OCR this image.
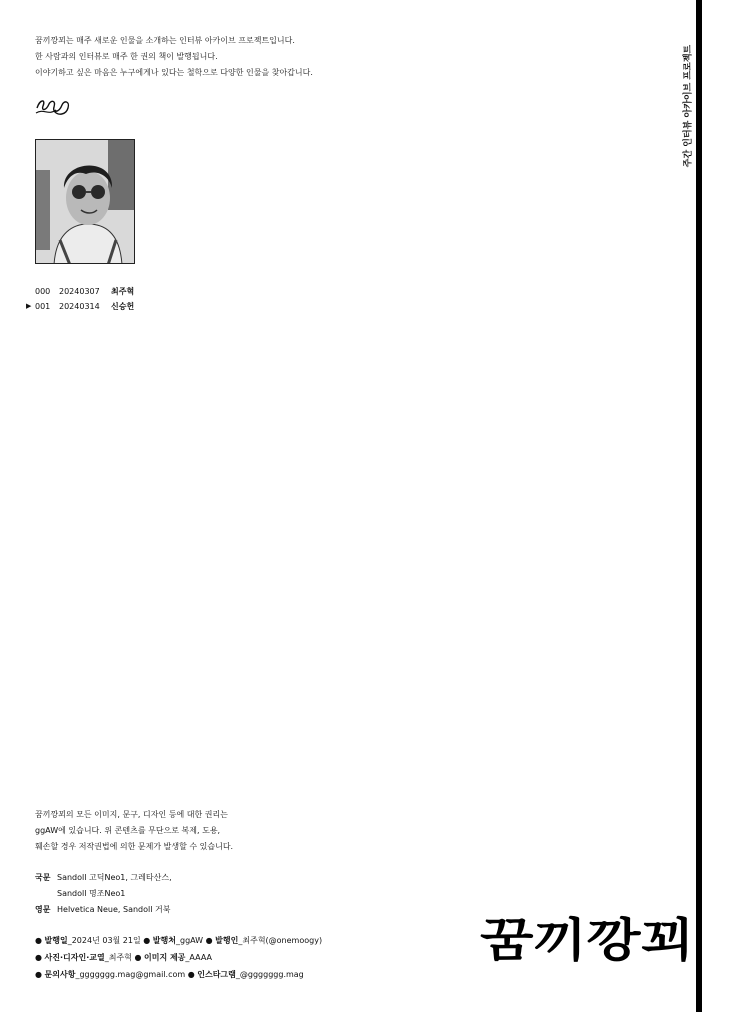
꿈끼깡꾀는 매주 새로운 인물을 소개하는 인터뷰 아카이브 프로젝트입니다.
한 사람과의 인터뷰로 매주 한 권의 책이 발행됩니다.
이야기하고 싶은 마음은 누구에게나 있다는 철학으로 다양한 인물을 찾아갑니다.
000	20240307	최주혁
▶ 001	20240314	신승헌
주간 인터뷰 아카이브 프로젝트
꿈끼깡꾀의 모든 이미지, 문구, 디자인 등에 대한 권리는
ggAW에 있습니다. 위 콘텐츠를 무단으로 복제, 도용,
훼손할 경우 저작권법에 의한 문제가 발생할 수 있습니다.
국문 Sandoll 고딕Neo1, 그레타산스,
Sandoll 명조Neo1
영문 Helvetica Neue, Sandoll 거북
● 발행일_2024년 03월 21일 ● 발행처_ggAW ● 발행인_최주혁(@onemoogy)
● 사진·디자인·교열_최주혁 ● 이미지 제공_AAAA
● 문의사항_ggggggg.mag@gmail.com ● 인스타그램_@ggggggg.mag
꿈끼깡꾀
